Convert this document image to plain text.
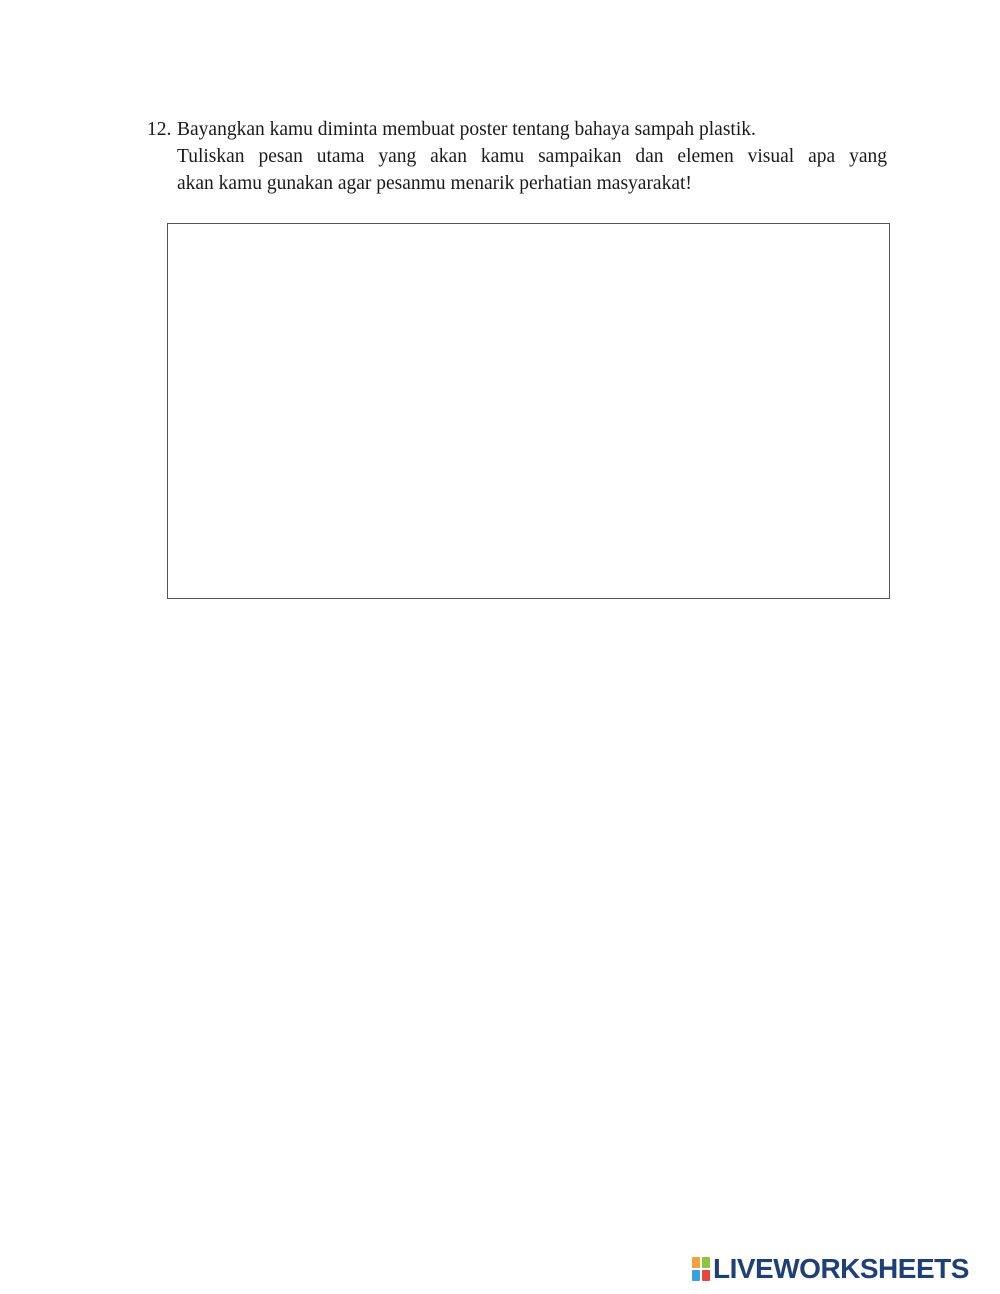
12. Bayangkan kamu diminta membuat poster tentang bahaya sampah plastik.
Tuliskan pesan utama yang akan kamu sampaikan dan elemen visual apa yang
akan kamu gunakan agar pesanmu menarik perhatian masyarakat!
LIVEWORKSHEETS
